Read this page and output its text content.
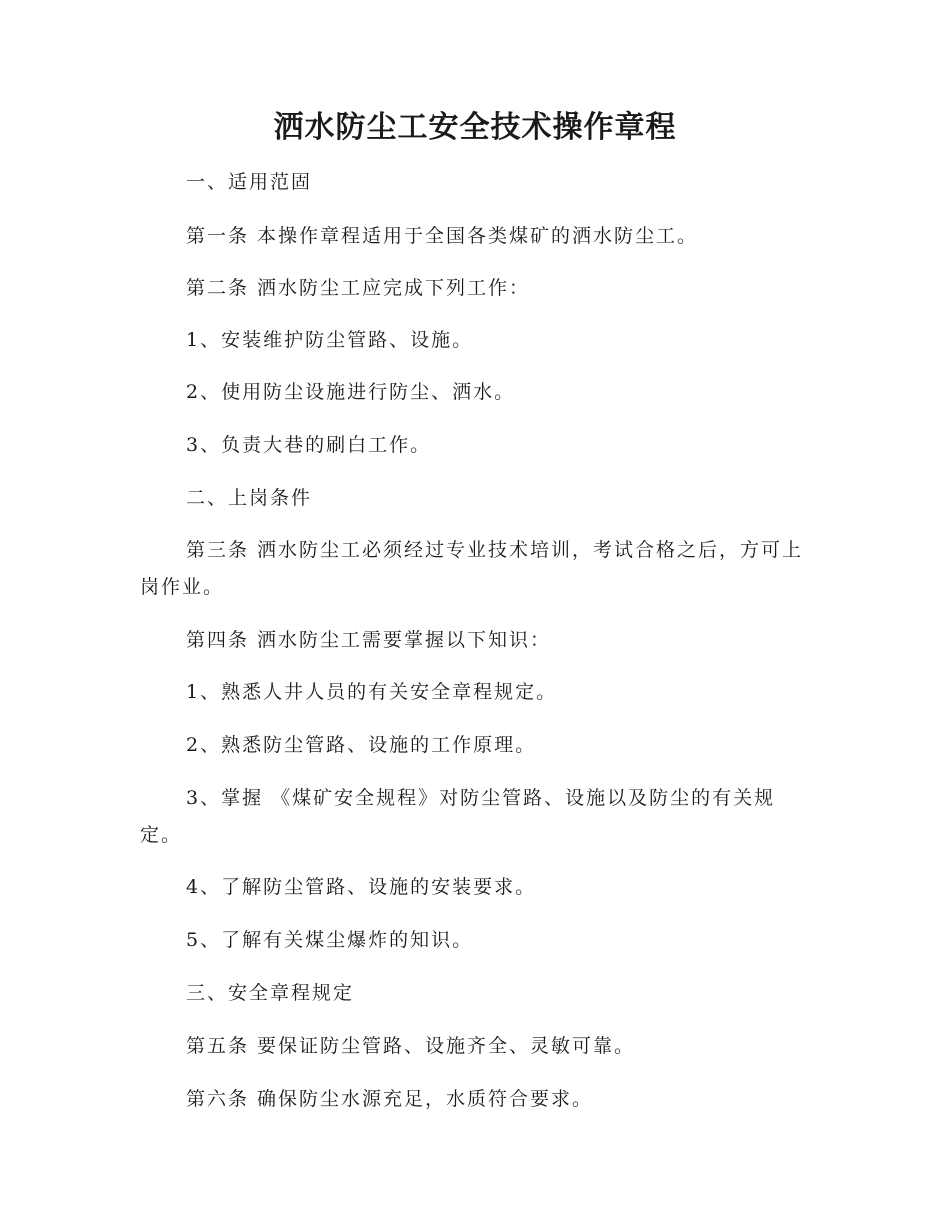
洒水防尘工安全技术操作章程

一、适用范固

第一条 本操作章程适用于全国各类煤矿的洒水防尘工。

第二条 洒水防尘工应完成下列工作：

1、安装维护防尘管路、设施。

2、使用防尘设施进行防尘、洒水。

3、负责大巷的刷白工作。

二、上岗条件

第三条 洒水防尘工必须经过专业技术培训，考试合格之后，方可上岗作业。

第四条 洒水防尘工需要掌握以下知识：

1、熟悉人井人员的有关安全章程规定。

2、熟悉防尘管路、设施的工作原理。

3、掌握 《煤矿安全规程》对防尘管路、设施以及防尘的有关规定。

4、了解防尘管路、设施的安装要求。

5、了解有关煤尘爆炸的知识。

三、安全章程规定

第五条 要保证防尘管路、设施齐全、灵敏可靠。

第六条 确保防尘水源充足，水质符合要求。
